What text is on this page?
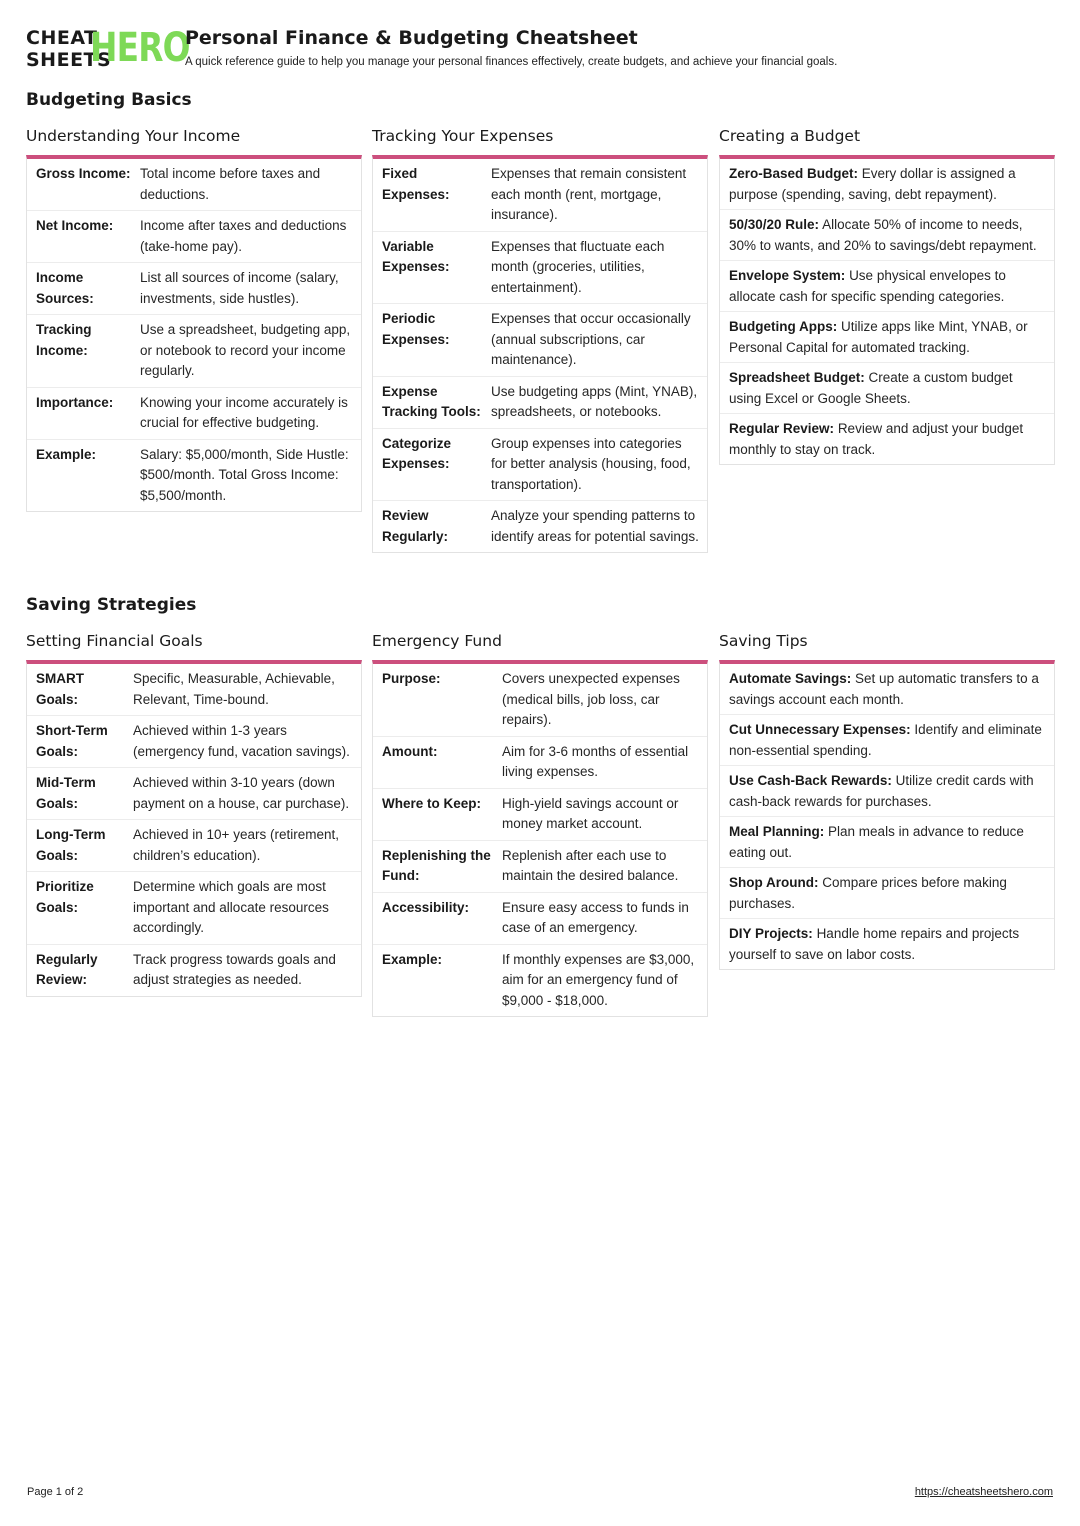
CHEAT
SHEETS
HERO
Personal Finance & Budgeting Cheatsheet
A quick reference guide to help you manage your personal finances effectively, create budgets, and achieve your financial goals.
Budgeting Basics
Understanding Your Income
Gross Income: Total income before taxes and deductions.
Net Income:	Income after taxes and deductions (take-home pay).
Income Sources:
List all sources of income (salary, investments, side hustles).
Tracking Income:
Use a spreadsheet, budgeting app, or notebook to record your income regularly.
Importance:	Knowing your income accurately is crucial for effective budgeting.
Example:	Salary: $5,000/month, Side Hustle: $500/month. Total Gross Income: $5,500/month.
Tracking Your Expenses
Fixed Expenses:
Expenses that remain consistent each month (rent, mortgage, insurance).
Variable Expenses:
Expenses that fluctuate each month (groceries, utilities, entertainment).
Periodic Expenses:
Expenses that occur occasionally (annual subscriptions, car maintenance).
Expense Tracking Tools:
Use budgeting apps (Mint, YNAB), spreadsheets, or notebooks.
Categorize Expenses:
Group expenses into categories for better analysis (housing, food, transportation).
Review Regularly:
Analyze your spending patterns to identify areas for potential savings.
Creating a Budget
Zero-Based Budget: Every dollar is assigned a purpose (spending, saving, debt repayment).
50/30/20 Rule: Allocate 50% of income to needs, 30% to wants, and 20% to savings/debt repayment.
Envelope System: Use physical envelopes to allocate cash for specific spending categories.
Budgeting Apps: Utilize apps like Mint, YNAB, or Personal Capital for automated tracking.
Spreadsheet Budget: Create a custom budget using Excel or Google Sheets.
Regular Review: Review and adjust your budget monthly to stay on track.
Saving Strategies
Setting Financial Goals
SMART Goals:
Specific, Measurable, Achievable, Relevant, Time-bound.
Short-Term Goals:
Achieved within 1-3 years (emergency fund, vacation savings).
Mid-Term Goals:
Achieved within 3-10 years (down payment on a house, car purchase).
Long-Term Goals:
Achieved in 10+ years (retirement, children’s education).
Prioritize Goals:
Determine which goals are most important and allocate resources accordingly.
Regularly Review:
Track progress towards goals and adjust strategies as needed.
Emergency Fund
Purpose:	Covers unexpected expenses (medical bills, job loss, car repairs).
Amount:	Aim for 3-6 months of essential living expenses.
Where to Keep:	High-yield savings account or money market account.
Replenishing the Fund:
Replenish after each use to maintain the desired balance.
Accessibility:	Ensure easy access to funds in case of an emergency.
Example:	If monthly expenses are $3,000, aim for an emergency fund of $9,000 - $18,000.
Saving Tips
Automate Savings: Set up automatic transfers to a savings account each month.
Cut Unnecessary Expenses: Identify and eliminate non-essential spending.
Use Cash-Back Rewards: Utilize credit cards with cash-back rewards for purchases.
Meal Planning: Plan meals in advance to reduce eating out.
Shop Around: Compare prices before making purchases.
DIY Projects: Handle home repairs and projects yourself to save on labor costs.
Page 1 of 2	https://cheatsheetshero.com
